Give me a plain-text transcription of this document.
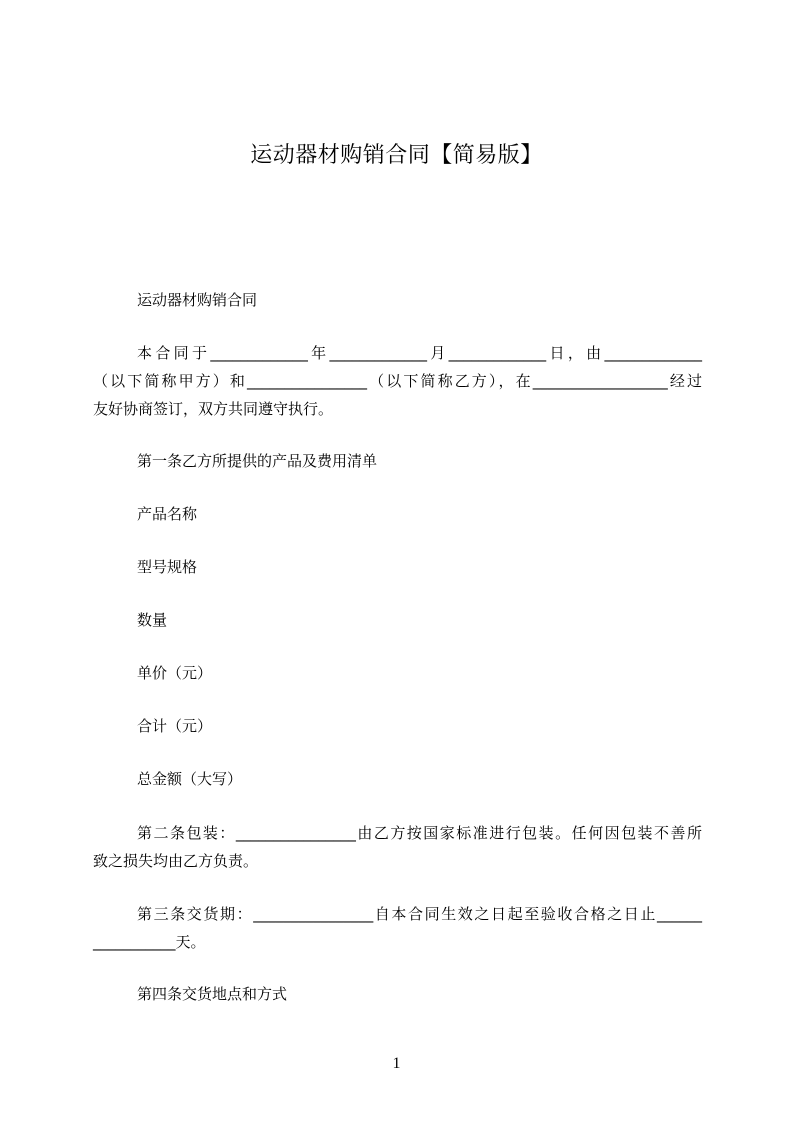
运动器材购销合同【简易版】
运动器材购销合同
本合同于_____________年_____________月_____________日，由_____________
（以下简称甲方）和________________（以下简称乙方），在__________________经过
友好协商签订，双方共同遵守执行。
第一条乙方所提供的产品及费用清单
产品名称
型号规格
数量
单价（元）
合计（元）
总金额（大写）
第二条包装：________________由乙方按国家标准进行包装。任何因包装不善所
致之损失均由乙方负责。
第三条交货期：________________自本合同生效之日起至验收合格之日止______
___________天。
第四条交货地点和方式
1
